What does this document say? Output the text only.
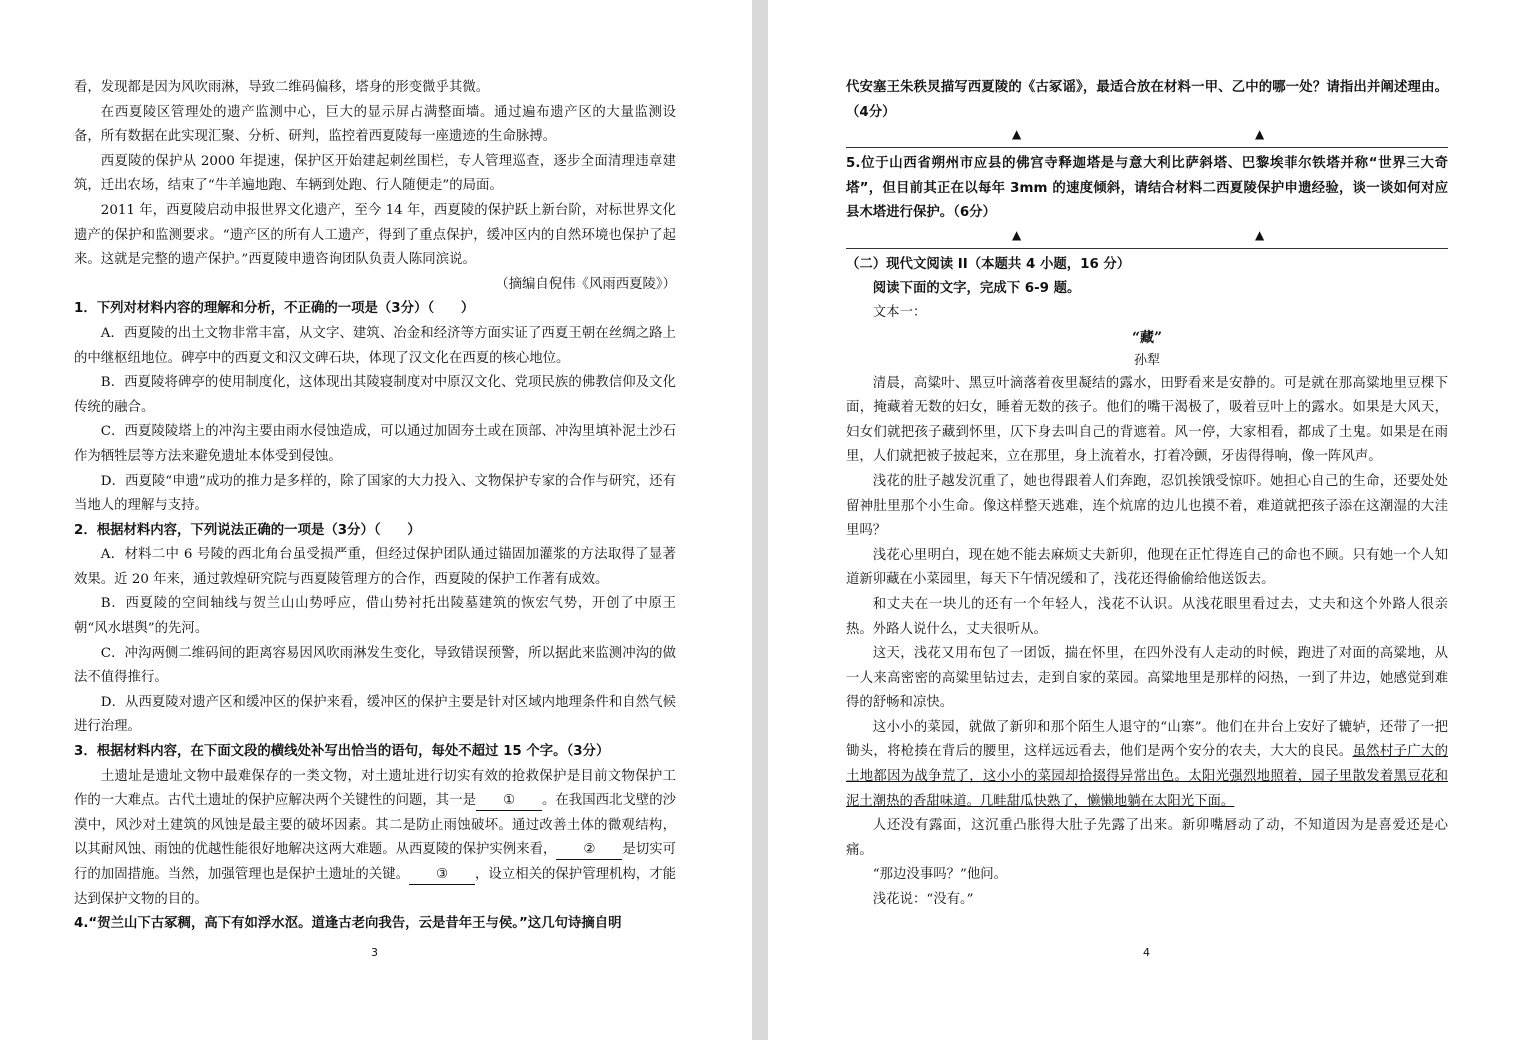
看，发现都是因为风吹雨淋，导致二维码偏移，塔身的形变微乎其微。

在西夏陵区管理处的遗产监测中心，巨大的显示屏占满整面墙。通过遍布遗产区的大量监测设备，所有数据在此实现汇聚、分析、研判，监控着西夏陵每一座遗迹的生命脉搏。

西夏陵的保护从 2000 年提速，保护区开始建起刺丝围栏，专人管理巡查，逐步全面清理违章建筑，迁出农场，结束了“牛羊遍地跑、车辆到处跑、行人随便走”的局面。

2011 年，西夏陵启动申报世界文化遗产，至今 14 年，西夏陵的保护跃上新台阶，对标世界文化遗产的保护和监测要求。“遗产区的所有人工遗产，得到了重点保护，缓冲区内的自然环境也保护了起来。这就是完整的遗产保护。”西夏陵申遗咨询团队负责人陈同滨说。

（摘编自倪伟《风雨西夏陵》）

1．下列对材料内容的理解和分析，不正确的一项是（3分）（　　）

A．西夏陵的出土文物非常丰富，从文字、建筑、冶金和经济等方面实证了西夏王朝在丝绸之路上的中继枢纽地位。碑亭中的西夏文和汉文碑石块，体现了汉文化在西夏的核心地位。

B．西夏陵将碑亭的使用制度化，这体现出其陵寝制度对中原汉文化、党项民族的佛教信仰及文化传统的融合。

C．西夏陵陵塔上的冲沟主要由雨水侵蚀造成，可以通过加固夯土或在顶部、冲沟里填补泥土沙石作为牺牲层等方法来避免遗址本体受到侵蚀。

D．西夏陵“申遗”成功的推力是多样的，除了国家的大力投入、文物保护专家的合作与研究，还有当地人的理解与支持。

2．根据材料内容，下列说法正确的一项是（3分）（　　）

A．材料二中 6 号陵的西北角台虽受损严重，但经过保护团队通过锚固加灌浆的方法取得了显著效果。近 20 年来，通过敦煌研究院与西夏陵管理方的合作，西夏陵的保护工作著有成效。

B．西夏陵的空间轴线与贺兰山山势呼应，借山势衬托出陵墓建筑的恢宏气势，开创了中原王朝“风水堪舆”的先河。

C．冲沟两侧二维码间的距离容易因风吹雨淋发生变化，导致错误预警，所以据此来监测冲沟的做法不值得推行。

D．从西夏陵对遗产区和缓冲区的保护来看，缓冲区的保护主要是针对区域内地理条件和自然气候进行治理。

3．根据材料内容，在下面文段的横线处补写出恰当的语句，每处不超过 15 个字。（3分）

土遗址是遗址文物中最难保存的一类文物，对土遗址进行切实有效的抢救保护是目前文物保护工作的一大难点。古代土遗址的保护应解决两个关键性的问题，其一是 ① 。在我国西北戈壁的沙漠中，风沙对土建筑的风蚀是最主要的破坏因素。其二是防止雨蚀破坏。通过改善土体的微观结构，以其耐风蚀、雨蚀的优越性能很好地解决这两大难题。从西夏陵的保护实例来看， ② 是切实可行的加固措施。当然，加强管理也是保护土遗址的关键。 ③ ，设立相关的保护管理机构，才能达到保护文物的目的。

4.“贺兰山下古冢稠，高下有如浮水沤。道逢古老向我告，云是昔年王与侯。”这几句诗摘自明

3

代安塞王朱秩炅描写西夏陵的《古冢谣》，最适合放在材料一甲、乙中的哪一处？请指出并阐述理由。（4分）

▲	▲

5.位于山西省朔州市应县的佛宫寺释迦塔是与意大利比萨斜塔、巴黎埃菲尔铁塔并称“世界三大奇塔”，但目前其正在以每年 3mm 的速度倾斜，请结合材料二西夏陵保护申遗经验，谈一谈如何对应县木塔进行保护。（6分）

▲	▲

（二）现代文阅读 II（本题共 4 小题，16 分）

阅读下面的文字，完成下 6-9 题。

文本一：

“藏”

孙犁

清晨，高粱叶、黑豆叶滴落着夜里凝结的露水，田野看来是安静的。可是就在那高粱地里豆棵下面，掩藏着无数的妇女，睡着无数的孩子。他们的嘴干渴极了，吸着豆叶上的露水。如果是大风天，妇女们就把孩子藏到怀里，仄下身去叫自己的背遮着。风一停，大家相看，都成了土鬼。如果是在雨里，人们就把被子披起来，立在那里，身上流着水，打着冷颤，牙齿得得响，像一阵风声。

浅花的肚子越发沉重了，她也得跟着人们奔跑，忍饥挨饿受惊吓。她担心自己的生命，还要处处留神肚里那个小生命。像这样整天逃难，连个炕席的边儿也摸不着，难道就把孩子添在这潮湿的大洼里吗？

浅花心里明白，现在她不能去麻烦丈夫新卯，他现在正忙得连自己的命也不顾。只有她一个人知道新卯藏在小菜园里，每天下午情况缓和了，浅花还得偷偷给他送饭去。

和丈夫在一块儿的还有一个年轻人，浅花不认识。从浅花眼里看过去，丈夫和这个外路人很亲热。外路人说什么，丈夫很听从。

这天，浅花又用布包了一团饭，揣在怀里，在四外没有人走动的时候，跑进了对面的高粱地，从一人来高密密的高粱里钻过去，走到自家的菜园。高粱地里是那样的闷热，一到了井边，她感觉到难得的舒畅和凉快。

这小小的菜园，就做了新卯和那个陌生人退守的“山寨”。他们在井台上安好了辘轳，还带了一把锄头，将枪揍在背后的腰里，这样远远看去，他们是两个安分的农夫，大大的良民。虽然村子广大的土地都因为战争荒了，这小小的菜园却拾掇得异常出色。太阳光强烈地照着，园子里散发着黑豆花和泥土潮热的香甜味道。几畦甜瓜快熟了，懒懒地躺在太阳光下面。

人还没有露面，这沉重凸胀得大肚子先露了出来。新卯嘴唇动了动，不知道因为是喜爱还是心痛。

“那边没事吗？”他问。

浅花说：“没有。”

4
